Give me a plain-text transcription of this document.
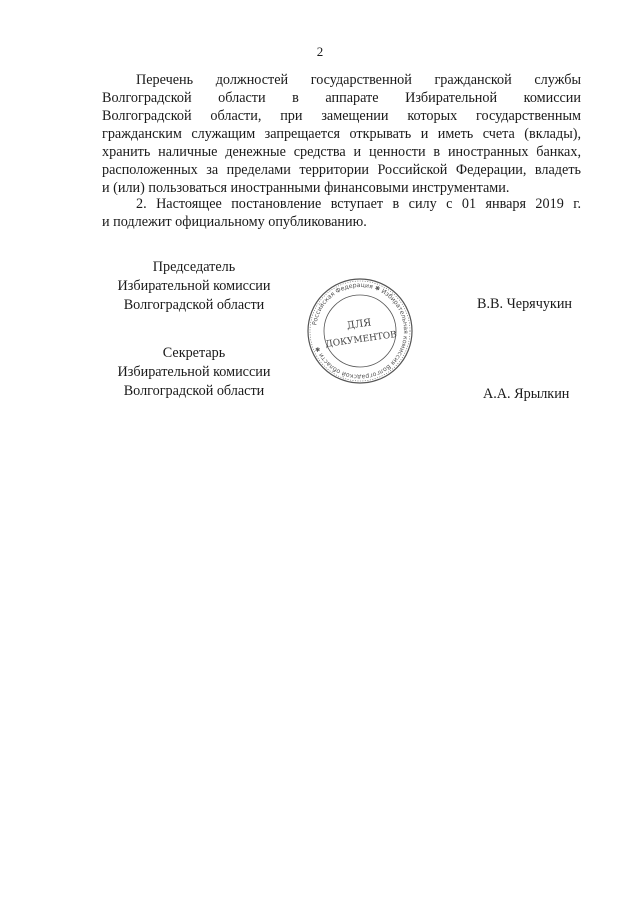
2
Перечень должностей государственной гражданской службы
Волгоградской области в аппарате Избирательной комиссии
Волгоградской области, при замещении которых государственным
гражданским служащим запрещается открывать и иметь счета (вклады),
хранить наличные денежные средства и ценности в иностранных банках,
расположенных за пределами территории Российской Федерации, владеть
и (или) пользоваться иностранными финансовыми инструментами.
2. Настоящее постановление вступает в силу с 01 января 2019 г.
и подлежит официальному опубликованию.
Председатель
Избирательной комиссии
Волгоградской области	В.В. Черячукин
Секретарь
Избирательной комиссии
Волгоградской области	А.А. Ярылкин
Российская Федерация ✱ Избирательная комиссия Волгоградской области ✱
ДЛЯ
ДОКУМЕНТОВ
